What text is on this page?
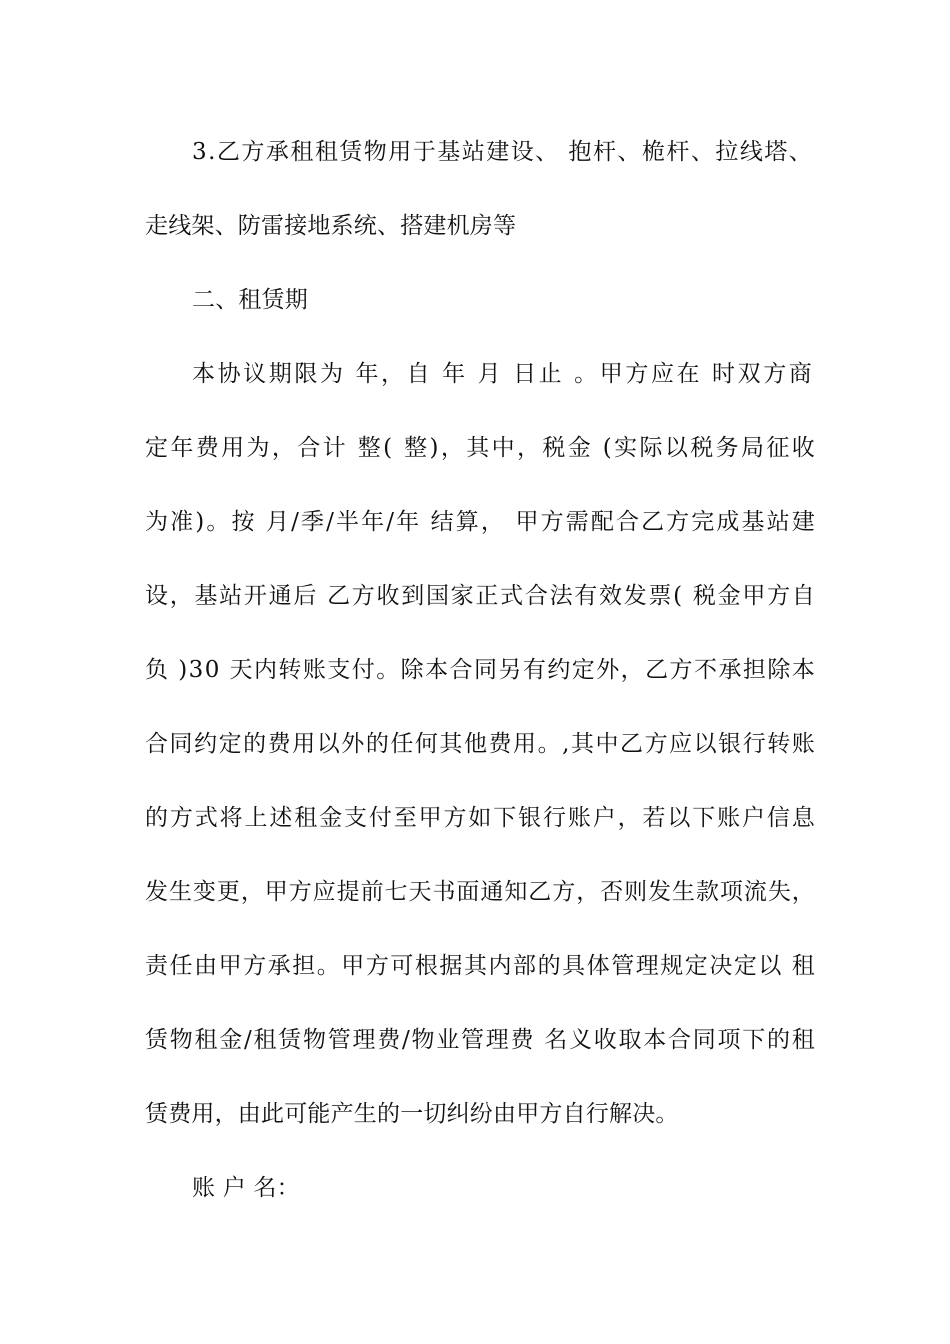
3.乙方承租租赁物用于基站建设、 抱杆、桅杆、拉线塔、
走线架、防雷接地系统、搭建机房等
二、租赁期
本协议期限为 年，自 年 月 日止 。甲方应在 时双方商
定年费用为，合计 整( 整)，其中，税金 (实际以税务局征收
为准)。按 月/季/半年/年 结算， 甲方需配合乙方完成基站建
设，基站开通后 乙方收到国家正式合法有效发票( 税金甲方自
负 )30 天内转账支付。除本合同另有约定外，乙方不承担除本
合同约定的费用以外的任何其他费用。,其中乙方应以银行转账
的方式将上述租金支付至甲方如下银行账户，若以下账户信息
发生变更，甲方应提前七天书面通知乙方，否则发生款项流失，
责任由甲方承担。甲方可根据其内部的具体管理规定决定以 租
赁物租金/租赁物管理费/物业管理费 名义收取本合同项下的租
赁费用，由此可能产生的一切纠纷由甲方自行解决。
账 户 名：
